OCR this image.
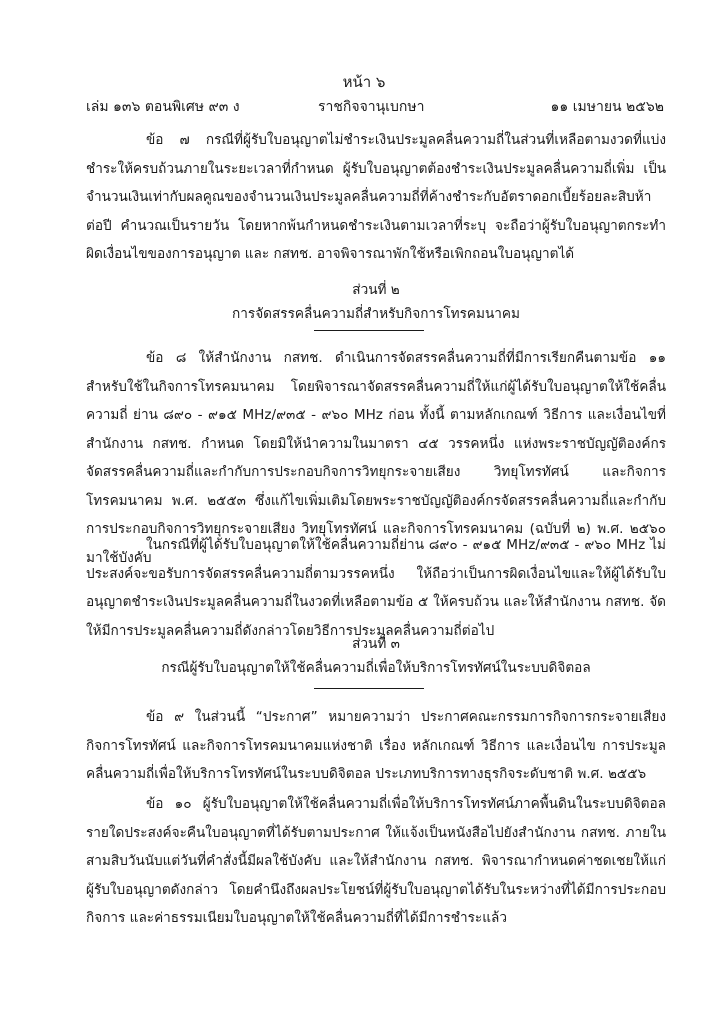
หน้า ๖
เล่ม ๑๓๖ ตอนพิเศษ ๙๓ ง	ราชกิจจานุเบกษา	๑๑ เมษายน ๒๕๖๒
ข้อ ๗ กรณีที่ผู้รับใบอนุญาตไม่ชำระเงินประมูลคลื่นความถี่ในส่วนที่เหลือตามงวดที่แบ่งชำระให้ครบถ้วนภายในระยะเวลาที่กำหนด ผู้รับใบอนุญาตต้องชำระเงินประมูลคลื่นความถี่เพิ่ม เป็นจำนวนเงินเท่ากับผลคูณของจำนวนเงินประมูลคลื่นความถี่ที่ค้างชำระกับอัตราดอกเบี้ยร้อยละสิบห้าต่อปี คำนวณเป็นรายวัน โดยหากพ้นกำหนดชำระเงินตามเวลาที่ระบุ จะถือว่าผู้รับใบอนุญาตกระทำผิดเงื่อนไขของการอนุญาต และ กสทช. อาจพิจารณาพักใช้หรือเพิกถอนใบอนุญาตได้
ส่วนที่ ๒
การจัดสรรคลื่นความถี่สำหรับกิจการโทรคมนาคม
ข้อ ๘ ให้สำนักงาน กสทช. ดำเนินการจัดสรรคลื่นความถี่ที่มีการเรียกคืนตามข้อ ๑๑ สำหรับใช้ในกิจการโทรคมนาคม โดยพิจารณาจัดสรรคลื่นความถี่ให้แก่ผู้ได้รับใบอนุญาตให้ใช้คลื่นความถี่ ย่าน ๘๙๐ - ๙๑๕ MHz/๙๓๕ - ๙๖๐ MHz ก่อน ทั้งนี้ ตามหลักเกณฑ์ วิธีการ และเงื่อนไขที่สำนักงาน กสทช. กำหนด โดยมิให้นำความในมาตรา ๔๕ วรรคหนึ่ง แห่งพระราชบัญญัติองค์กรจัดสรรคลื่นความถี่และกำกับการประกอบกิจการวิทยุกระจายเสียง วิทยุโทรทัศน์ และกิจการโทรคมนาคม พ.ศ. ๒๕๕๓ ซึ่งแก้ไขเพิ่มเติมโดยพระราชบัญญัติองค์กรจัดสรรคลื่นความถี่และกำกับการประกอบกิจการวิทยุกระจายเสียง วิทยุโทรทัศน์ และกิจการโทรคมนาคม (ฉบับที่ ๒) พ.ศ. ๒๕๖๐ มาใช้บังคับ
ในกรณีที่ผู้ได้รับใบอนุญาตให้ใช้คลื่นความถี่ย่าน ๘๙๐ - ๙๑๕ MHz/๙๓๕ - ๙๖๐ MHz ไม่ประสงค์จะขอรับการจัดสรรคลื่นความถี่ตามวรรคหนึ่ง ให้ถือว่าเป็นการผิดเงื่อนไขและให้ผู้ได้รับใบอนุญาตชำระเงินประมูลคลื่นความถี่ในงวดที่เหลือตามข้อ ๕ ให้ครบถ้วน และให้สำนักงาน กสทช. จัดให้มีการประมูลคลื่นความถี่ดังกล่าวโดยวิธีการประมูลคลื่นความถี่ต่อไป
ส่วนที่ ๓
กรณีผู้รับใบอนุญาตให้ใช้คลื่นความถี่เพื่อให้บริการโทรทัศน์ในระบบดิจิตอล
ข้อ ๙ ในส่วนนี้ “ประกาศ” หมายความว่า ประกาศคณะกรรมการกิจการกระจายเสียง กิจการโทรทัศน์ และกิจการโทรคมนาคมแห่งชาติ เรื่อง หลักเกณฑ์ วิธีการ และเงื่อนไข การประมูลคลื่นความถี่เพื่อให้บริการโทรทัศน์ในระบบดิจิตอล ประเภทบริการทางธุรกิจระดับชาติ พ.ศ. ๒๕๕๖
ข้อ ๑๐ ผู้รับใบอนุญาตให้ใช้คลื่นความถี่เพื่อให้บริการโทรทัศน์ภาคพื้นดินในระบบดิจิตอล รายใดประสงค์จะคืนใบอนุญาตที่ได้รับตามประกาศ ให้แจ้งเป็นหนังสือไปยังสำนักงาน กสทช. ภายในสามสิบวันนับแต่วันที่คำสั่งนี้มีผลใช้บังคับ และให้สำนักงาน กสทช. พิจารณากำหนดค่าชดเชยให้แก่ผู้รับใบอนุญาตดังกล่าว โดยคำนึงถึงผลประโยชน์ที่ผู้รับใบอนุญาตได้รับในระหว่างที่ได้มีการประกอบกิจการ และค่าธรรมเนียมใบอนุญาตให้ใช้คลื่นความถี่ที่ได้มีการชำระแล้ว
